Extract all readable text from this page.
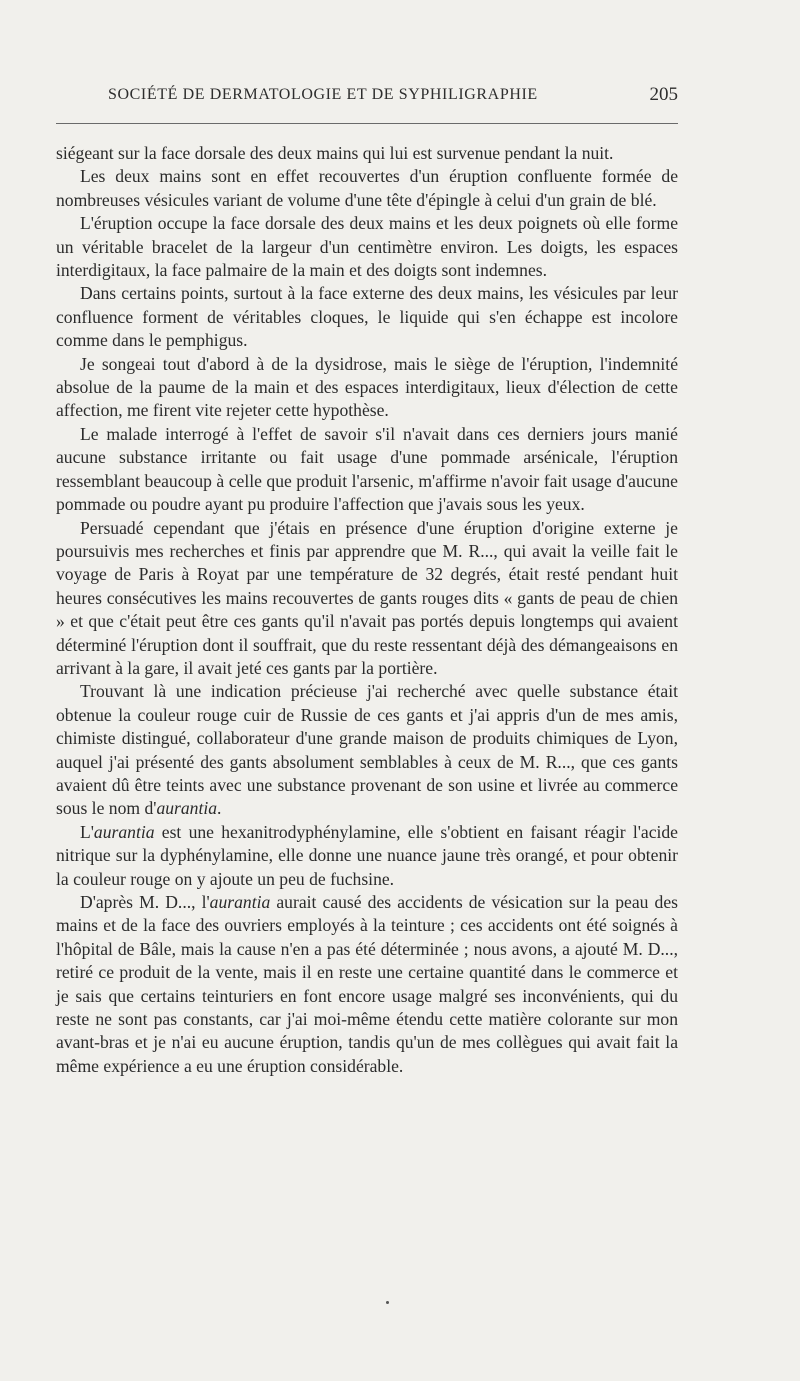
SOCIÉTÉ DE DERMATOLOGIE ET DE SYPHILIGRAPHIE	205

siégeant sur la face dorsale des deux mains qui lui est survenue pendant la nuit.

Les deux mains sont en effet recouvertes d'un éruption confluente formée de nombreuses vésicules variant de volume d'une tête d'épingle à celui d'un grain de blé.

L'éruption occupe la face dorsale des deux mains et les deux poignets où elle forme un véritable bracelet de la largeur d'un centimètre environ. Les doigts, les espaces interdigitaux, la face palmaire de la main et des doigts sont indemnes.

Dans certains points, surtout à la face externe des deux mains, les vésicules par leur confluence forment de véritables cloques, le liquide qui s'en échappe est incolore comme dans le pemphigus.

Je songeai tout d'abord à de la dysidrose, mais le siège de l'éruption, l'indemnité absolue de la paume de la main et des espaces interdigitaux, lieux d'élection de cette affection, me firent vite rejeter cette hypothèse.

Le malade interrogé à l'effet de savoir s'il n'avait dans ces derniers jours manié aucune substance irritante ou fait usage d'une pommade arsénicale, l'éruption ressemblant beaucoup à celle que produit l'arsenic, m'affirme n'avoir fait usage d'aucune pommade ou poudre ayant pu produire l'affection que j'avais sous les yeux.

Persuadé cependant que j'étais en présence d'une éruption d'origine externe je poursuivis mes recherches et finis par apprendre que M. R..., qui avait la veille fait le voyage de Paris à Royat par une température de 32 degrés, était resté pendant huit heures consécutives les mains recouvertes de gants rouges dits « gants de peau de chien » et que c'était peut être ces gants qu'il n'avait pas portés depuis longtemps qui avaient déterminé l'éruption dont il souffrait, que du reste ressentant déjà des démangeaisons en arrivant à la gare, il avait jeté ces gants par la portière.

Trouvant là une indication précieuse j'ai recherché avec quelle substance était obtenue la couleur rouge cuir de Russie de ces gants et j'ai appris d'un de mes amis, chimiste distingué, collaborateur d'une grande maison de produits chimiques de Lyon, auquel j'ai présenté des gants absolument semblables à ceux de M. R..., que ces gants avaient dû être teints avec une substance provenant de son usine et livrée au commerce sous le nom d'aurantia.

L'aurantia est une hexanitrodyphénylamine, elle s'obtient en faisant réagir l'acide nitrique sur la dyphénylamine, elle donne une nuance jaune très orangé, et pour obtenir la couleur rouge on y ajoute un peu de fuchsine.

D'après M. D..., l'aurantia aurait causé des accidents de vésication sur la peau des mains et de la face des ouvriers employés à la teinture ; ces accidents ont été soignés à l'hôpital de Bâle, mais la cause n'en a pas été déterminée ; nous avons, a ajouté M. D..., retiré ce produit de la vente, mais il en reste une certaine quantité dans le commerce et je sais que certains teinturiers en font encore usage malgré ses inconvénients, qui du reste ne sont pas constants, car j'ai moi-même étendu cette matière colorante sur mon avant-bras et je n'ai eu aucune éruption, tandis qu'un de mes collègues qui avait fait la même expérience a eu une éruption considérable.
